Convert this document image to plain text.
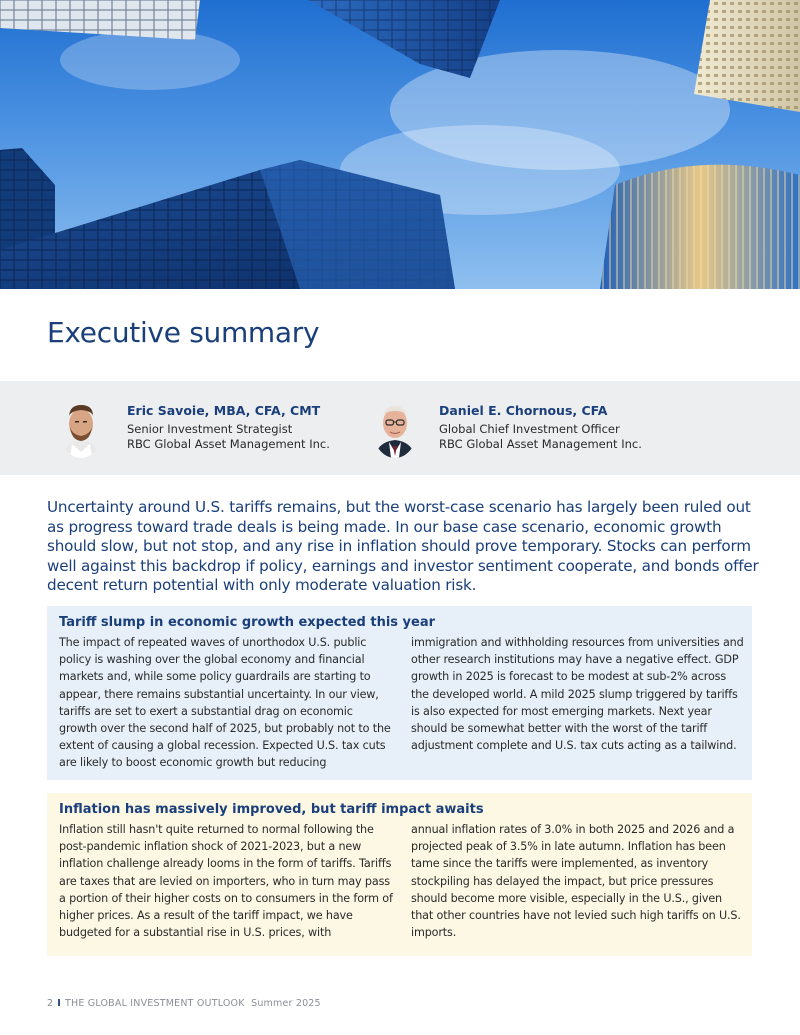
Executive summary
Eric Savoie, MBA, CFA, CMT
Senior Investment Strategist
RBC Global Asset Management Inc.
Daniel E. Chornous, CFA
Global Chief Investment Officer
RBC Global Asset Management Inc.

Uncertainty around U.S. tariffs remains, but the worst-case scenario has largely been ruled out as progress toward trade deals is being made. In our base case scenario, economic growth should slow, but not stop, and any rise in inflation should prove temporary. Stocks can perform well against this backdrop if policy, earnings and investor sentiment cooperate, and bonds offer decent return potential with only moderate valuation risk.

Tariff slump in economic growth expected this year

The impact of repeated waves of unorthodox U.S. public policy is washing over the global economy and financial markets and, while some policy guardrails are starting to appear, there remains substantial uncertainty. In our view, tariffs are set to exert a substantial drag on economic growth over the second half of 2025, but probably not to the extent of causing a global recession. Expected U.S. tax cuts are likely to boost economic growth but reducing

immigration and withholding resources from universities and other research institutions may have a negative effect. GDP growth in 2025 is forecast to be modest at sub-2% across the developed world. A mild 2025 slump triggered by tariffs is also expected for most emerging markets. Next year should be somewhat better with the worst of the tariff adjustment complete and U.S. tax cuts acting as a tailwind.

Inflation has massively improved, but tariff impact awaits

Inflation still hasn't quite returned to normal following the post-pandemic inflation shock of 2021-2023, but a new inflation challenge already looms in the form of tariffs. Tariffs are taxes that are levied on importers, who in turn may pass a portion of their higher costs on to consumers in the form of higher prices. As a result of the tariff impact, we have budgeted for a substantial rise in U.S. prices, with

annual inflation rates of 3.0% in both 2025 and 2026 and a projected peak of 3.5% in late autumn. Inflation has been tame since the tariffs were implemented, as inventory stockpiling has delayed the impact, but price pressures should become more visible, especially in the U.S., given that other countries have not levied such high tariffs on U.S. imports.

2 I THE GLOBAL INVESTMENT OUTLOOK Summer 2025
